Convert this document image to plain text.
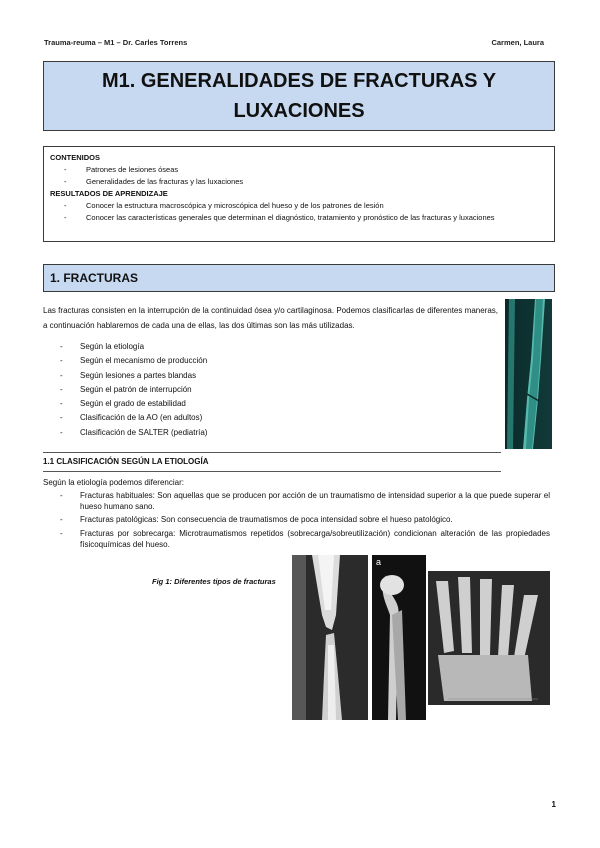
Trauma-reuma – M1 – Dr. Carles Torrens	Carmen, Laura
M1. GENERALIDADES DE FRACTURAS Y LUXACIONES
CONTENIDOS
- Patrones de lesiones óseas
- Generalidades de las fracturas y las luxaciones
RESULTADOS DE APRENDIZAJE
- Conocer la estructura macroscópica y microscópica del hueso y de los patrones de lesión
- Conocer las características generales que determinan el diagnóstico, tratamiento y pronóstico de las fracturas y luxaciones
1. FRACTURAS
Las fracturas consisten en la interrupción de la continuidad ósea y/o cartilaginosa. Podemos clasificarlas de diferentes maneras, a continuación hablaremos de cada una de ellas, las dos últimas son las más utilizadas.
- Según la etiología
- Según el mecanismo de producción
- Según lesiones a partes blandas
- Según el patrón de interrupción
- Según el grado de estabilidad
- Clasificación de la AO (en adultos)
- Clasificación de SALTER (pediatría)
1.1 CLASIFICACIÓN SEGÚN LA ETIOLOGÍA
Según la etiología podemos diferenciar:
- Fracturas habituales: Son aquellas que se producen por acción de un traumatismo de intensidad superior a la que puede superar el hueso humano sano.
- Fracturas patológicas: Son consecuencia de traumatismos de poca intensidad sobre el hueso patológico.
- Fracturas por sobrecarga: Microtraumatismos repetidos (sobrecarga/sobreutilización) condicionan alteración de las propiedades físicoquímicas del hueso.
Fig 1: Diferentes tipos de fracturas
a
1
